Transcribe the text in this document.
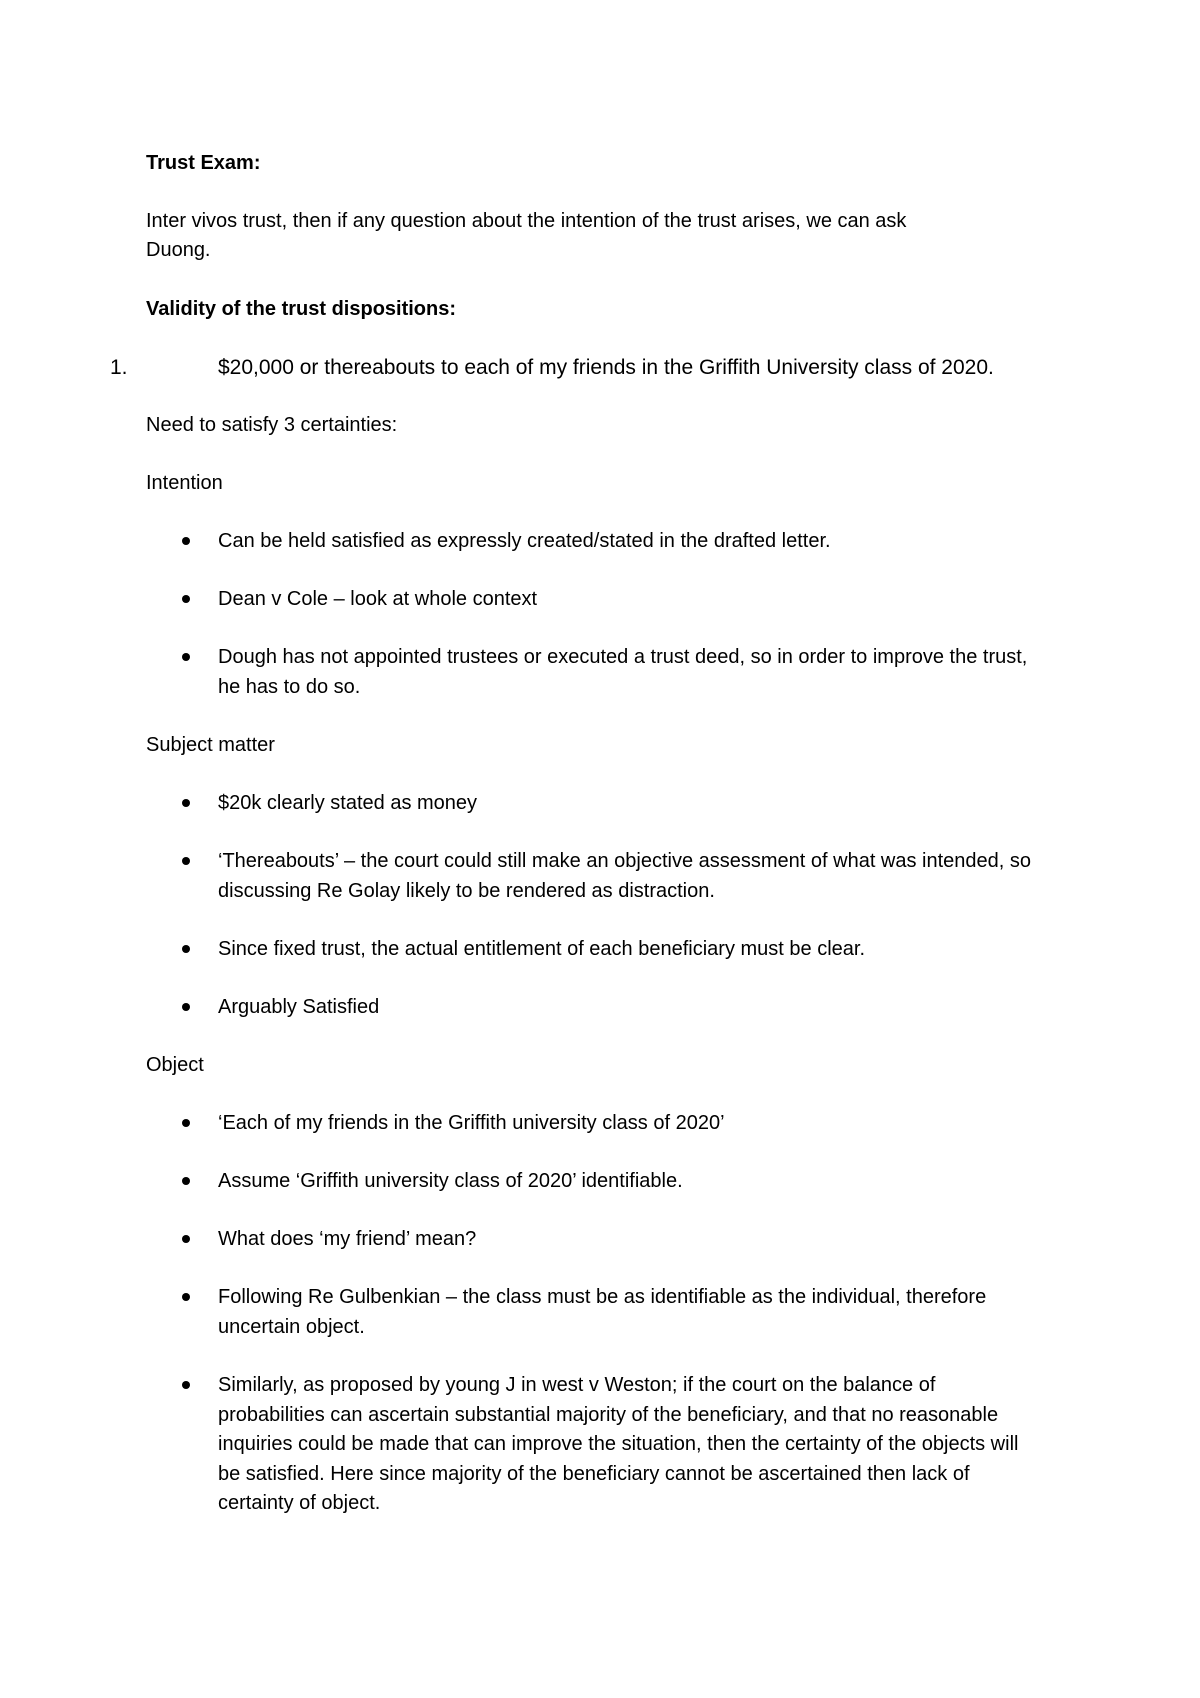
Trust Exam:
Inter vivos trust, then if any question about the intention of the trust arises, we can ask
Duong.
Validity of the trust dispositions:
1.	$20,000 or thereabouts to each of my friends in the Griffith University class of 2020.
Need to satisfy 3 certainties:
Intention
Can be held satisfied as expressly created/stated in the drafted letter.
Dean v Cole – look at whole context
Dough has not appointed trustees or executed a trust deed, so in order to improve the trust, he has to do so.
Subject matter
$20k clearly stated as money
‘Thereabouts’ – the court could still make an objective assessment of what was intended, so discussing Re Golay likely to be rendered as distraction.
Since fixed trust, the actual entitlement of each beneficiary must be clear.
Arguably Satisfied
Object
‘Each of my friends in the Griffith university class of 2020’
Assume ‘Griffith university class of 2020’ identifiable.
What does ‘my friend’ mean?
Following Re Gulbenkian – the class must be as identifiable as the individual, therefore uncertain object.
Similarly, as proposed by young J in west v Weston; if the court on the balance of probabilities can ascertain substantial majority of the beneficiary, and that no reasonable inquiries could be made that can improve the situation, then the certainty of the objects will be satisfied. Here since majority of the beneficiary cannot be ascertained then lack of certainty of object.
